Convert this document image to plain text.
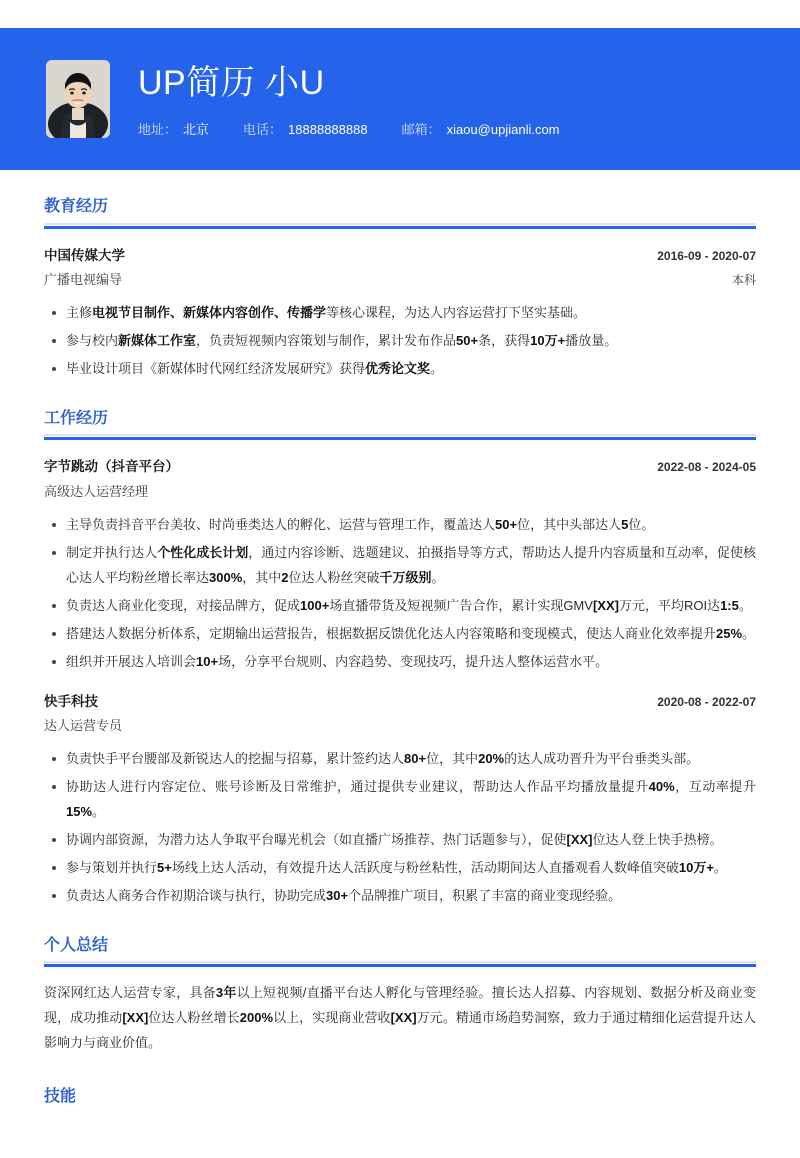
UP简历 小U
地址： 北京	电话： 18888888888	邮箱： xiaou@upjianli.com
教育经历
中国传媒大学	2016-09 - 2020-07
广播电视编导	本科
主修电视节目制作、新媒体内容创作、传播学等核心课程，为达人内容运营打下坚实基础。
参与校内新媒体工作室，负责短视频内容策划与制作，累计发布作品50+条，获得10万+播放量。
毕业设计项目《新媒体时代网红经济发展研究》获得优秀论文奖。
工作经历
字节跳动（抖音平台）	2022-08 - 2024-05
高级达人运营经理
主导负责抖音平台美妆、时尚垂类达人的孵化、运营与管理工作，覆盖达人50+位，其中头部达人5位。
制定并执行达人个性化成长计划，通过内容诊断、选题建议、拍摄指导等方式，帮助达人提升内容质量和互动率，促使核心达人平均粉丝增长率达300%，其中2位达人粉丝突破千万级别。
负责达人商业化变现，对接品牌方，促成100+场直播带货及短视频广告合作，累计实现GMV[XX]万元，平均ROI达1:5。
搭建达人数据分析体系，定期输出运营报告，根据数据反馈优化达人内容策略和变现模式，使达人商业化效率提升25%。
组织并开展达人培训会10+场，分享平台规则、内容趋势、变现技巧，提升达人整体运营水平。
快手科技	2020-08 - 2022-07
达人运营专员
负责快手平台腰部及新锐达人的挖掘与招募，累计签约达人80+位，其中20%的达人成功晋升为平台垂类头部。
协助达人进行内容定位、账号诊断及日常维护，通过提供专业建议，帮助达人作品平均播放量提升40%，互动率提升15%。
协调内部资源，为潜力达人争取平台曝光机会（如直播广场推荐、热门话题参与），促使[XX]位达人登上快手热榜。
参与策划并执行5+场线上达人活动，有效提升达人活跃度与粉丝粘性，活动期间达人直播观看人数峰值突破10万+。
负责达人商务合作初期洽谈与执行，协助完成30+个品牌推广项目，积累了丰富的商业变现经验。
个人总结

资深网红达人运营专家，具备3年以上短视频/直播平台达人孵化与管理经验。擅长达人招募、内容规划、数据分析及商业变现，成功推动[XX]位达人粉丝增长200%以上，实现商业营收[XX]万元。精通市场趋势洞察，致力于通过精细化运营提升达人影响力与商业价值。

技能
